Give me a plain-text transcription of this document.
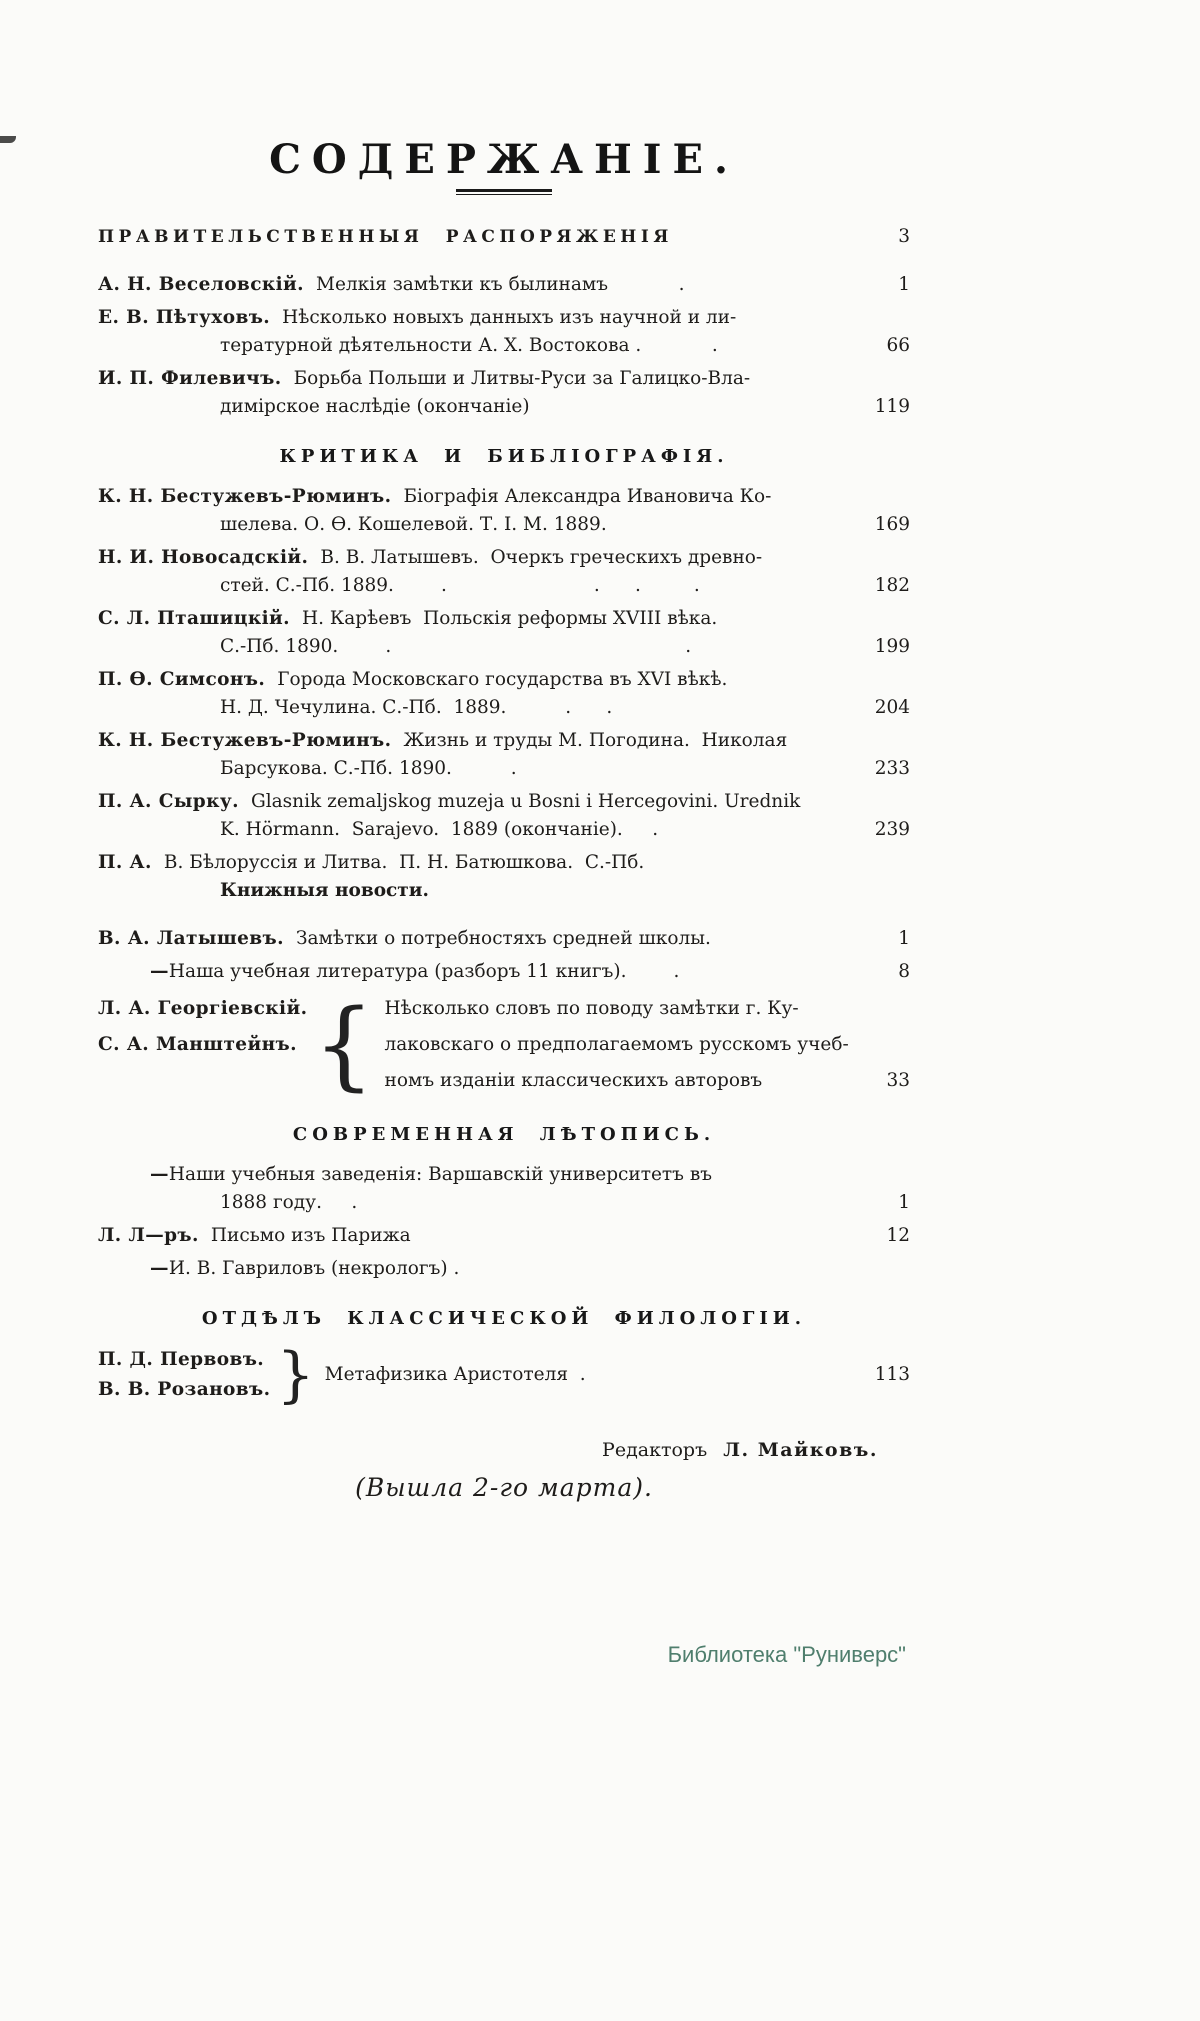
СОДЕРЖАНІЕ.
ПРАВИТЕЛЬСТВЕННЫЯ РАСПОРЯЖЕНІЯ	3
А. Н. Веселовскій. Мелкія замѣтки къ былинамъ            .	1
Е. В. Пѣтуховъ. Нѣсколько новыхъ данныхъ изъ научной и ли-
тературной дѣятельности А. Х. Востокова .            .	66
И. П. Филевичъ. Борьба Польши и Литвы-Руси за Галицко-Вла-
димірское наслѣдіе (окончаніе)	119
КРИТИКА И БИБЛІОГРАФІЯ.
К. Н. Бестужевъ-Рюминъ. Біографія Александра Ивановича Ко-
шелева. О. Ѳ. Кошелевой. Т. I. М. 1889.	169
Н. И. Новосадскій. В. В. Латышевъ.  Очеркъ греческихъ древно-
стей. С.-Пб. 1889.        .                         .      .         .	182
С. Л. Пташицкій. Н. Карѣевъ  Польскія реформы XVIII вѣка.
С.-Пб. 1890.        .                                                  .	199
П. Ѳ. Симсонъ. Города Московскаго государства въ XVI вѣкѣ.
Н. Д. Чечулина. С.-Пб.  1889.          .      .	204
К. Н. Бестужевъ-Рюминъ. Жизнь и труды М. Погодина.  Николая
Барсукова. С.-Пб. 1890.          .	233
П. А. Сырку. Glasnik zemaljskog muzeja u Bosni i Hercegovini. Urednik
K. Hörmann.  Sarajevo.  1889 (окончаніе).     .	239
П. А. В. Бѣлоруссія и Литва.  П. Н. Батюшкова.  С.-Пб.
Книжныя новости.
В. А. Латышевъ. Замѣтки о потребностяхъ средней школы.	1
— Наша учебная литература (разборъ 11 книгъ).        .	8
Л. А. Георгіевскій.
С. А. Манштейнъ. { Нѣсколько словъ по поводу замѣтки г. Ку-
лаковскаго о предполагаемомъ русскомъ учеб-
номъ изданіи классическихъ авторовъ	33
СОВРЕМЕННАЯ ЛѢТОПИСЬ.
— Наши учебныя заведенія: Варшавскій университетъ въ
1888 году.     .	1
Л. Л—ръ. Письмо изъ Парижа	12
— И. В. Гавриловъ (некрологъ) .
ОТДѢЛЪ КЛАССИЧЕСКОЙ ФИЛОЛОГІИ.
П. Д. Первовъ.
В. В. Розановъ. } Метафизика Аристотеля  .	113
Редакторъ Л. Майковъ.
(Вышла 2-го марта).
Библиотека "Руниверс"
